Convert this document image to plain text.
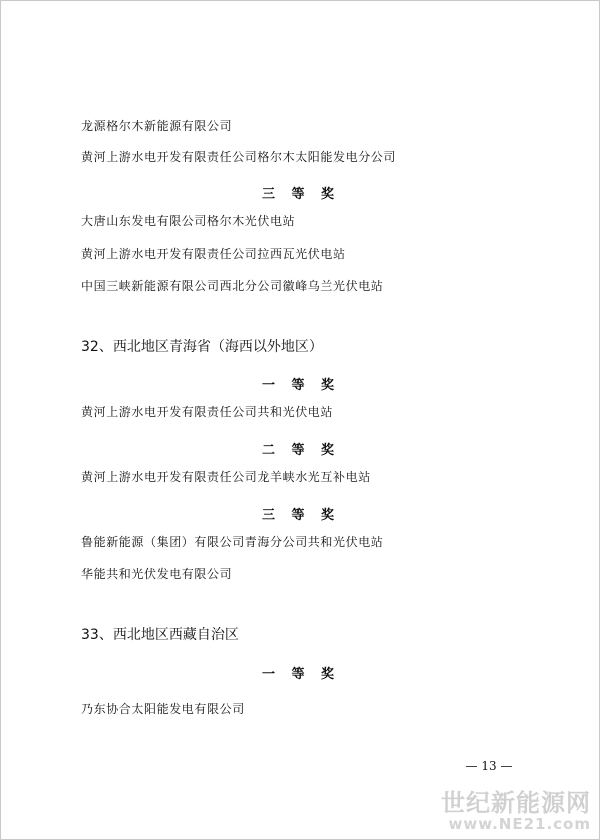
龙源格尔木新能源有限公司
黄河上游水电开发有限责任公司格尔木太阳能发电分公司
三 等 奖
大唐山东发电有限公司格尔木光伏电站
黄河上游水电开发有限责任公司拉西瓦光伏电站
中国三峡新能源有限公司西北分公司徽峰乌兰光伏电站
32、西北地区青海省（海西以外地区）
一 等 奖
黄河上游水电开发有限责任公司共和光伏电站
二 等 奖
黄河上游水电开发有限责任公司龙羊峡水光互补电站
三 等 奖
鲁能新能源（集团）有限公司青海分公司共和光伏电站
华能共和光伏发电有限公司
33、西北地区西藏自治区
一 等 奖
乃东协合太阳能发电有限公司
— 13 —
世纪新能源网
www.NE21.com
